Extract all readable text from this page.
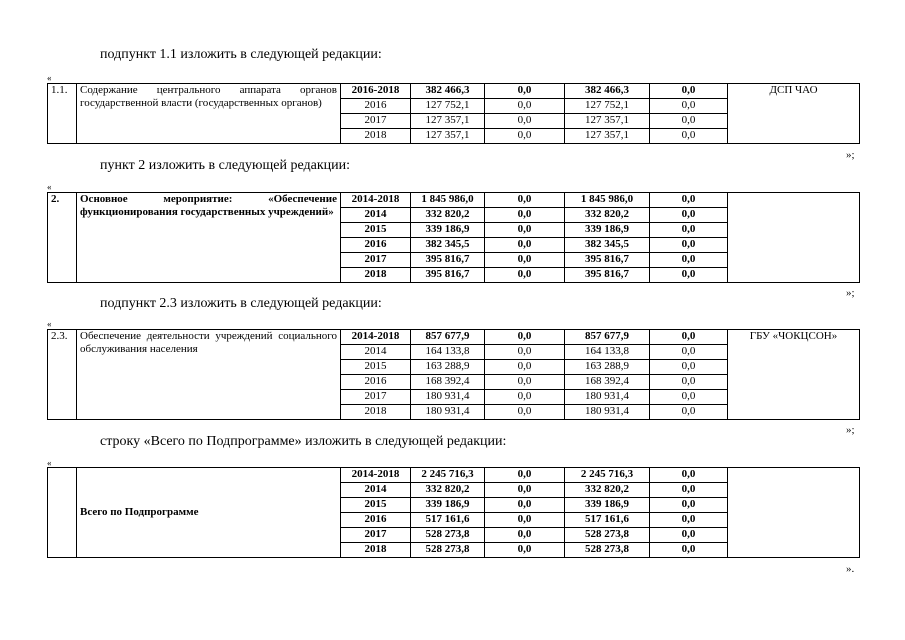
подпункт 1.1 изложить в следующей редакции:
«
1.1.	Содержание центрального аппарата органов государственной власти (государственных органов)	2016-2018	382 466,3	0,0	382 466,3	0,0	ДСП ЧАО
		2016	127 752,1	0,0	127 752,1	0,0	
		2017	127 357,1	0,0	127 357,1	0,0	
		2018	127 357,1	0,0	127 357,1	0,0	
»;
пункт 2 изложить в следующей редакции:
«
2.	Основное мероприятие: «Обеспечение функционирования государственных учреждений»	2014-2018	1 845 986,0	0,0	1 845 986,0	0,0	
		2014	332 820,2	0,0	332 820,2	0,0	
		2015	339 186,9	0,0	339 186,9	0,0	
		2016	382 345,5	0,0	382 345,5	0,0	
		2017	395 816,7	0,0	395 816,7	0,0	
		2018	395 816,7	0,0	395 816,7	0,0	
»;
подпункт 2.3 изложить в следующей редакции:
«
2.3.	Обеспечение деятельности учреждений социального обслуживания населения	2014-2018	857 677,9	0,0	857 677,9	0,0	ГБУ «ЧОКЦСОН»
		2014	164 133,8	0,0	164 133,8	0,0	
		2015	163 288,9	0,0	163 288,9	0,0	
		2016	168 392,4	0,0	168 392,4	0,0	
		2017	180 931,4	0,0	180 931,4	0,0	
		2018	180 931,4	0,0	180 931,4	0,0	
»;
строку «Всего по Подпрограмме» изложить в следующей редакции:
«
	Всего по Подпрограмме	2014-2018	2 245 716,3	0,0	2 245 716,3	0,0	
		2014	332 820,2	0,0	332 820,2	0,0	
		2015	339 186,9	0,0	339 186,9	0,0	
		2016	517 161,6	0,0	517 161,6	0,0	
		2017	528 273,8	0,0	528 273,8	0,0	
		2018	528 273,8	0,0	528 273,8	0,0	
».
